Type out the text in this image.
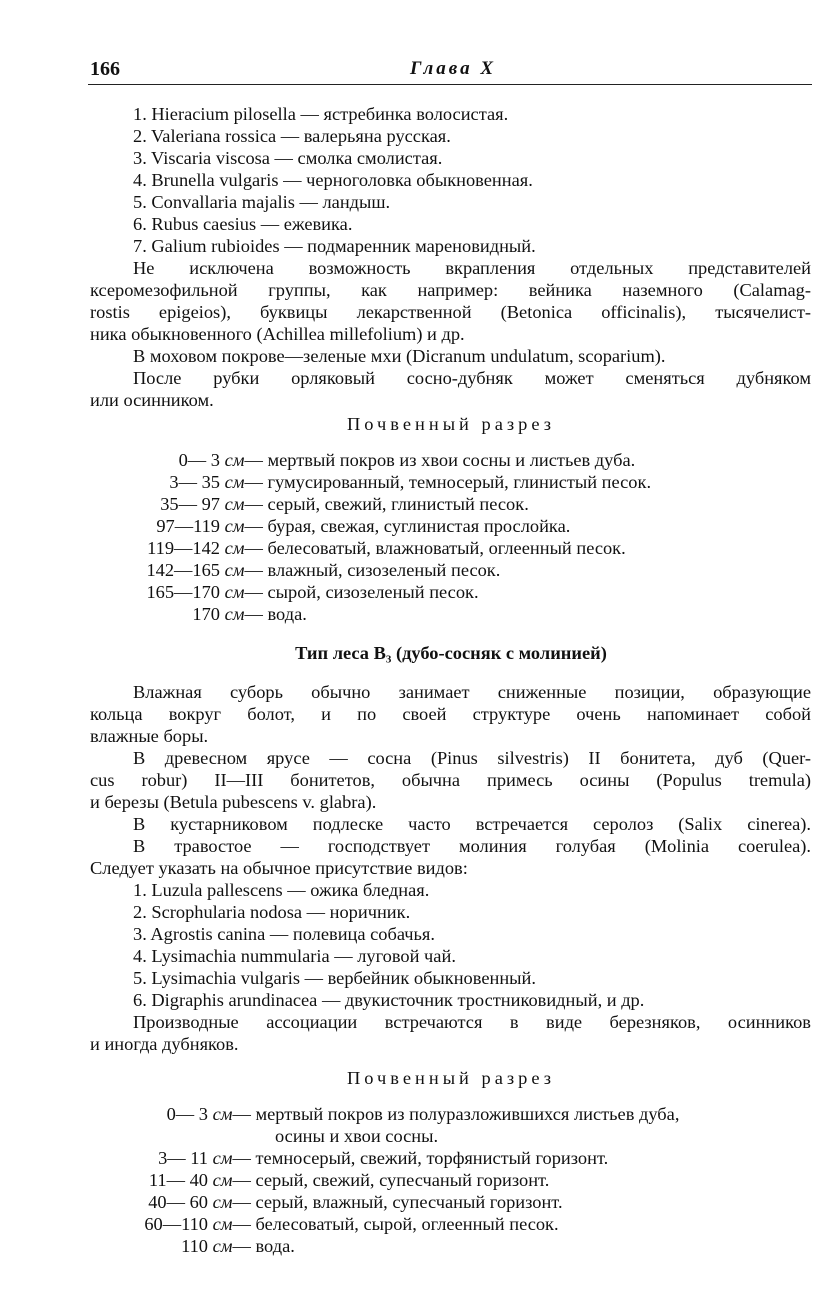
166	Глава X
1. Hieracium pilosella — ястребинка волосистая.
2. Valeriana rossica — валерьяна русская.
3. Viscaria viscosa — смолка смолистая.
4. Brunella vulgaris — черноголовка обыкновенная.
5. Convallaria majalis — ландыш.
6. Rubus caesius — ежевика.
7. Galium rubioides — подмаренник мареновидный.
Не исключена возможность вкрапления отдельных представителей
ксеромезофильной группы, как например: вейника наземного (Calamag-
rostis epigeios), буквицы лекарственной (Betonica officinalis), тысячелист-
ника обыкновенного (Achillea millefolium) и др.
В моховом покрове—зеленые мхи (Dicranum undulatum, scoparium).
После рубки орляковый сосно-дубняк может сменяться дубняком
или осинником.
Почвенный разрез
0— 3 см— мертвый покров из хвои сосны и листьев дуба.
3— 35 см— гумусированный, темносерый, глинистый песок.
35— 97 см— серый, свежий, глинистый песок.
97—119 см— бурая, свежая, суглинистая прослойка.
119—142 см— белесоватый, влажноватый, оглеенный песок.
142—165 см— влажный, сизозеленый песок.
165—170 см— сырой, сизозеленый песок.
170 см— вода.
Тип леса В₃ (дубо-сосняк с молинией)
Влажная суборь обычно занимает сниженные позиции, образующие
кольца вокруг болот, и по своей структуре очень напоминает собой
влажные боры.
В древесном ярусе — сосна (Pinus silvestris) II бонитета, дуб (Quer-
cus robur) II—III бонитетов, обычна примесь осины (Populus tremula)
и березы (Betula pubescens v. glabra).
В кустарниковом подлеске часто встречается серолоз (Salix cinerea).
В травостое — господствует молиния голубая (Molinia coerulea).
Следует указать на обычное присутствие видов:
1. Luzula pallescens — ожика бледная.
2. Scrophularia nodosa — норичник.
3. Agrostis canina — полевица собачья.
4. Lysimachia nummularia — луговой чай.
5. Lysimachia vulgaris — вербейник обыкновенный.
6. Digraphis arundinacea — двукисточник тростниковидный, и др.
Производные ассоциации встречаются в виде березняков, осинников
и иногда дубняков.
Почвенный разрез
0— 3 см— мертвый покров из полуразложившихся листьев дуба,
осины и хвои сосны.
3— 11 см— темносерый, свежий, торфянистый горизонт.
11— 40 см— серый, свежий, супесчаный горизонт.
40— 60 см— серый, влажный, супесчаный горизонт.
60—110 см— белесоватый, сырой, оглеенный песок.
110 см— вода.
